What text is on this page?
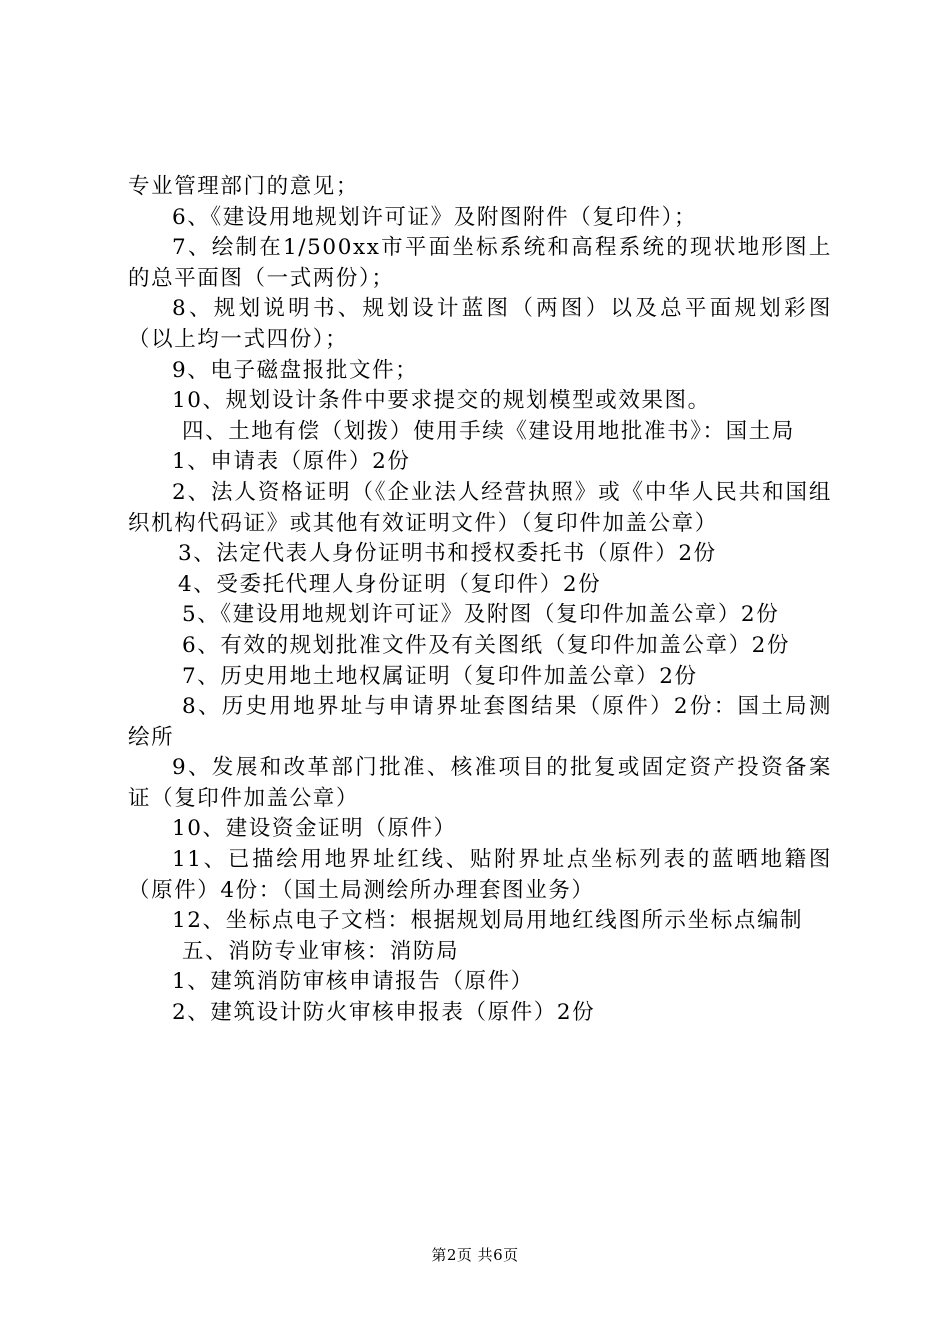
专业管理部门的意见；

6、《建设用地规划许可证》及附图附件（复印件）；

7、绘制在1/500xx市平面坐标系统和高程系统的现状地形图上的总平面图（一式两份）；

8、规划说明书、规划设计蓝图（两图）以及总平面规划彩图（以上均一式四份）；

9、电子磁盘报批文件；

10、规划设计条件中要求提交的规划模型或效果图。

四、土地有偿（划拨）使用手续《建设用地批准书》：国土局

1、申请表（原件）2份

2、法人资格证明（《企业法人经营执照》或《中华人民共和国组织机构代码证》或其他有效证明文件）（复印件加盖公章）

3、法定代表人身份证明书和授权委托书（原件）2份

4、受委托代理人身份证明（复印件）2份

5、《建设用地规划许可证》及附图（复印件加盖公章）2份

6、有效的规划批准文件及有关图纸（复印件加盖公章）2份

7、历史用地土地权属证明（复印件加盖公章）2份

8、历史用地界址与申请界址套图结果（原件）2份：国土局测绘所

9、发展和改革部门批准、核准项目的批复或固定资产投资备案证（复印件加盖公章）

10、建设资金证明（原件）

11、已描绘用地界址红线、贴附界址点坐标列表的蓝晒地籍图（原件）4份：（国土局测绘所办理套图业务）

12、坐标点电子文档：根据规划局用地红线图所示坐标点编制

五、消防专业审核：消防局

1、建筑消防审核申请报告（原件）

2、建筑设计防火审核申报表（原件）2份

第2页 共6页
